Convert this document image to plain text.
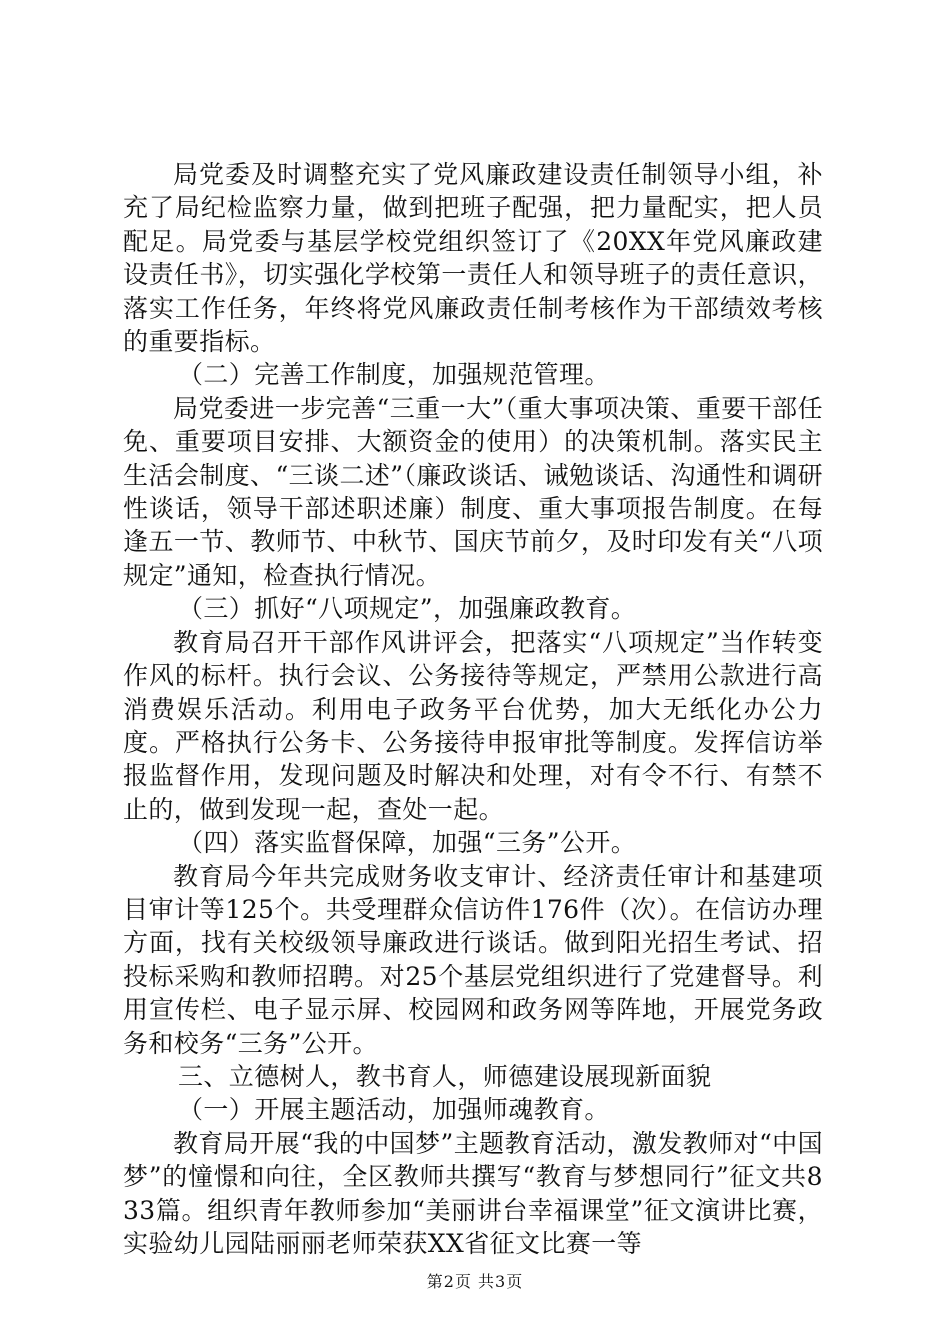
局党委及时调整充实了党风廉政建设责任制领导小组，补充了局纪检监察力量，做到把班子配强，把力量配实，把人员配足。局党委与基层学校党组织签订了《20XX年党风廉政建设责任书》，切实强化学校第一责任人和领导班子的责任意识，落实工作任务，年终将党风廉政责任制考核作为干部绩效考核的重要指标。

（二）完善工作制度，加强规范管理。

局党委进一步完善“三重一大”（重大事项决策、重要干部任免、重要项目安排、大额资金的使用）的决策机制。落实民主生活会制度、“三谈二述”（廉政谈话、诫勉谈话、沟通性和调研性谈话，领导干部述职述廉）制度、重大事项报告制度。在每逢五一节、教师节、中秋节、国庆节前夕，及时印发有关“八项规定”通知，检查执行情况。

（三）抓好“八项规定”，加强廉政教育。

教育局召开干部作风讲评会，把落实“八项规定”当作转变作风的标杆。执行会议、公务接待等规定，严禁用公款进行高消费娱乐活动。利用电子政务平台优势，加大无纸化办公力度。严格执行公务卡、公务接待申报审批等制度。发挥信访举报监督作用，发现问题及时解决和处理，对有令不行、有禁不止的，做到发现一起，查处一起。

（四）落实监督保障，加强“三务”公开。

教育局今年共完成财务收支审计、经济责任审计和基建项目审计等125个。共受理群众信访件176件（次）。在信访办理方面，找有关校级领导廉政进行谈话。做到阳光招生考试、招投标采购和教师招聘。对25个基层党组织进行了党建督导。利用宣传栏、电子显示屏、校园网和政务网等阵地，开展党务政务和校务“三务”公开。

三、立德树人，教书育人，师德建设展现新面貌

（一）开展主题活动，加强师魂教育。

教育局开展“我的中国梦”主题教育活动，激发教师对“中国梦”的憧憬和向往，全区教师共撰写“教育与梦想同行”征文共833篇。组织青年教师参加“美丽讲台幸福课堂”征文演讲比赛，实验幼儿园陆丽丽老师荣获XX省征文比赛一等

第2页 共3页
